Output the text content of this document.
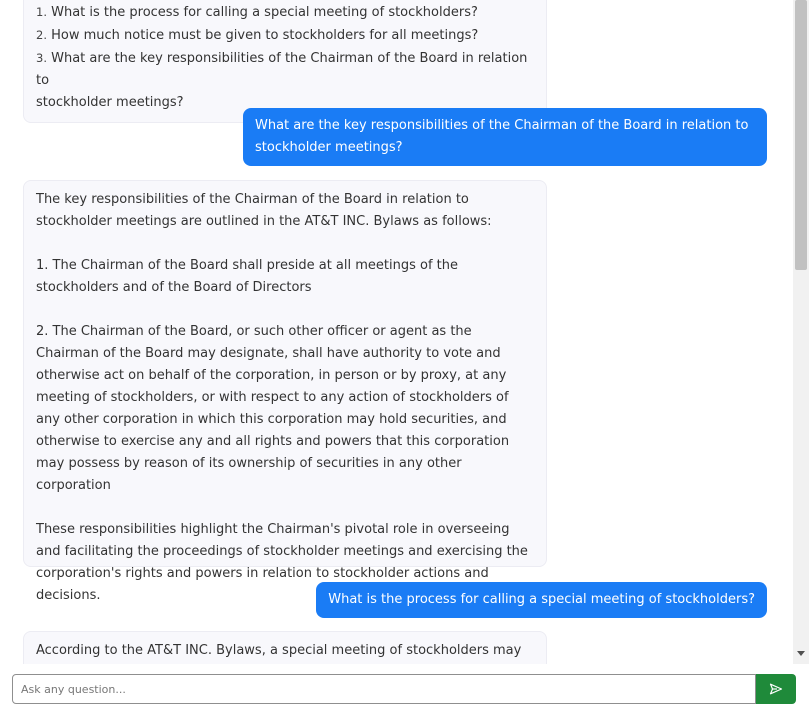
1. What is the process for calling a special meeting of stockholders?

2. How much notice must be given to stockholders for all meetings?

3. What are the key responsibilities of the Chairman of the Board in relation to

stockholder meetings?

What are the key responsibilities of the Chairman of the Board in relation to stockholder meetings?

The key responsibilities of the Chairman of the Board in relation to stockholder meetings are outlined in the AT&T INC. Bylaws as follows:

1. The Chairman of the Board shall preside at all meetings of the stockholders and of the Board of Directors

2. The Chairman of the Board, or such other officer or agent as the Chairman of the Board may designate, shall have authority to vote and otherwise act on behalf of the corporation, in person or by proxy, at any meeting of stockholders, or with respect to any action of stockholders of any other corporation in which this corporation may hold securities, and otherwise to exercise any and all rights and powers that this corporation may possess by reason of its ownership of securities in any other corporation

These responsibilities highlight the Chairman's pivotal role in overseeing and facilitating the proceedings of stockholder meetings and exercising the corporation's rights and powers in relation to stockholder actions and decisions.	What is the process for calling a special meeting of stockholders?

According to the AT&T INC. Bylaws, a special meeting of stockholders may

Ask any question...
